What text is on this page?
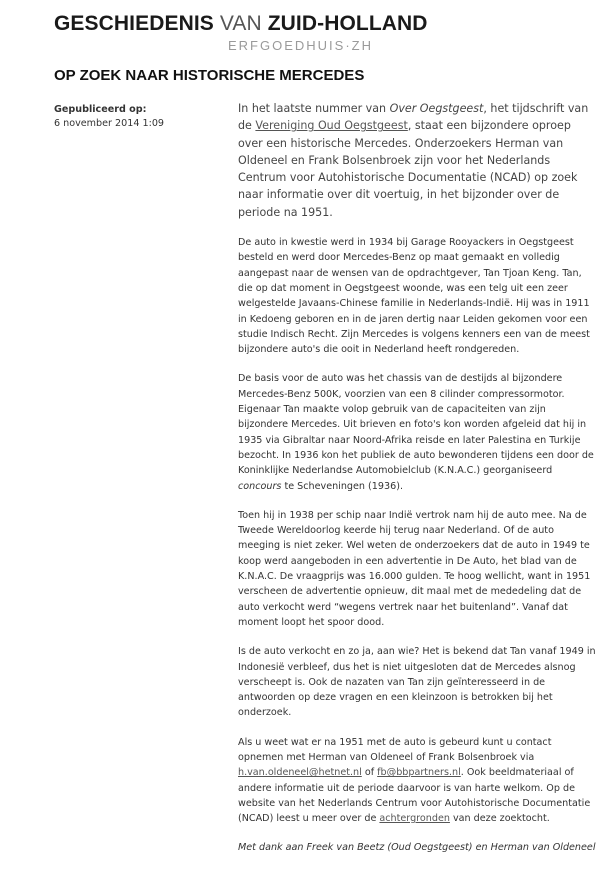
GESCHIEDENIS VAN ZUID-HOLLAND
ERFGOEDHUIS·ZH
OP ZOEK NAAR HISTORISCHE MERCEDES
Gepubliceerd op:
6 november 2014 1:09

In het laatste nummer van Over Oegstgeest, het tijdschrift van de Vereniging Oud Oegstgeest, staat een bijzondere oproep over een historische Mercedes. Onderzoekers Herman van Oldeneel en Frank Bolsenbroek zijn voor het Nederlands Centrum voor Autohistorische Documentatie (NCAD) op zoek naar informatie over dit voertuig, in het bijzonder over de periode na 1951.

De auto in kwestie werd in 1934 bij Garage Rooyackers in Oegstgeest besteld en werd door Mercedes-Benz op maat gemaakt en volledig aangepast naar de wensen van de opdrachtgever, Tan Tjoan Keng. Tan, die op dat moment in Oegstgeest woonde, was een telg uit een zeer welgestelde Javaans-Chinese familie in Nederlands-Indië. Hij was in 1911 in Kedoeng geboren en in de jaren dertig naar Leiden gekomen voor een studie Indisch Recht. Zijn Mercedes is volgens kenners een van de meest bijzondere auto's die ooit in Nederland heeft rondgereden.

De basis voor de auto was het chassis van de destijds al bijzondere Mercedes-Benz 500K, voorzien van een 8 cilinder compressormotor. Eigenaar Tan maakte volop gebruik van de capaciteiten van zijn bijzondere Mercedes. Uit brieven en foto's kon worden afgeleid dat hij in 1935 via Gibraltar naar Noord-Afrika reisde en later Palestina en Turkije bezocht. In 1936 kon het publiek de auto bewonderen tijdens een door de Koninklijke Nederlandse Automobielclub (K.N.A.C.) georganiseerd concours te Scheveningen (1936).

Toen hij in 1938 per schip naar Indië vertrok nam hij de auto mee. Na de Tweede Wereldoorlog keerde hij terug naar Nederland. Of de auto meeging is niet zeker. Wel weten de onderzoekers dat de auto in 1949 te koop werd aangeboden in een advertentie in De Auto, het blad van de K.N.A.C. De vraagprijs was 16.000 gulden. Te hoog wellicht, want in 1951 verscheen de advertentie opnieuw, dit maal met de mededeling dat de auto verkocht werd “wegens vertrek naar het buitenland”. Vanaf dat moment loopt het spoor dood.

Is de auto verkocht en zo ja, aan wie? Het is bekend dat Tan vanaf 1949 in Indonesië verbleef, dus het is niet uitgesloten dat de Mercedes alsnog verscheept is. Ook de nazaten van Tan zijn geïnteresseerd in de antwoorden op deze vragen en een kleinzoon is betrokken bij het onderzoek.

Als u weet wat er na 1951 met de auto is gebeurd kunt u contact opnemen met Herman van Oldeneel of Frank Bolsenbroek via h.van.oldeneel@hetnet.nl of fb@bbpartners.nl. Ook beeldmateriaal of andere informatie uit de periode daarvoor is van harte welkom. Op de website van het Nederlands Centrum voor Autohistorische Documentatie (NCAD) leest u meer over de achtergronden van deze zoektocht.

Met dank aan Freek van Beetz (Oud Oegstgeest) en Herman van Oldeneel
